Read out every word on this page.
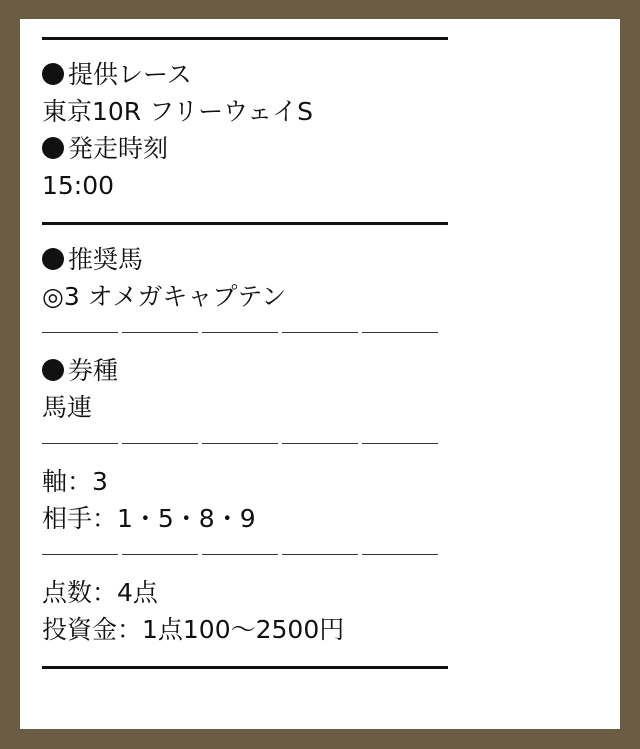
提供レース
東京10R フリーウェイS
発走時刻
15:00
推奨馬
◎3 オメガキャプテン
券種
馬連
軸：3
相手：1・5・8・9
点数：4点
投資金：1点100〜2500円
